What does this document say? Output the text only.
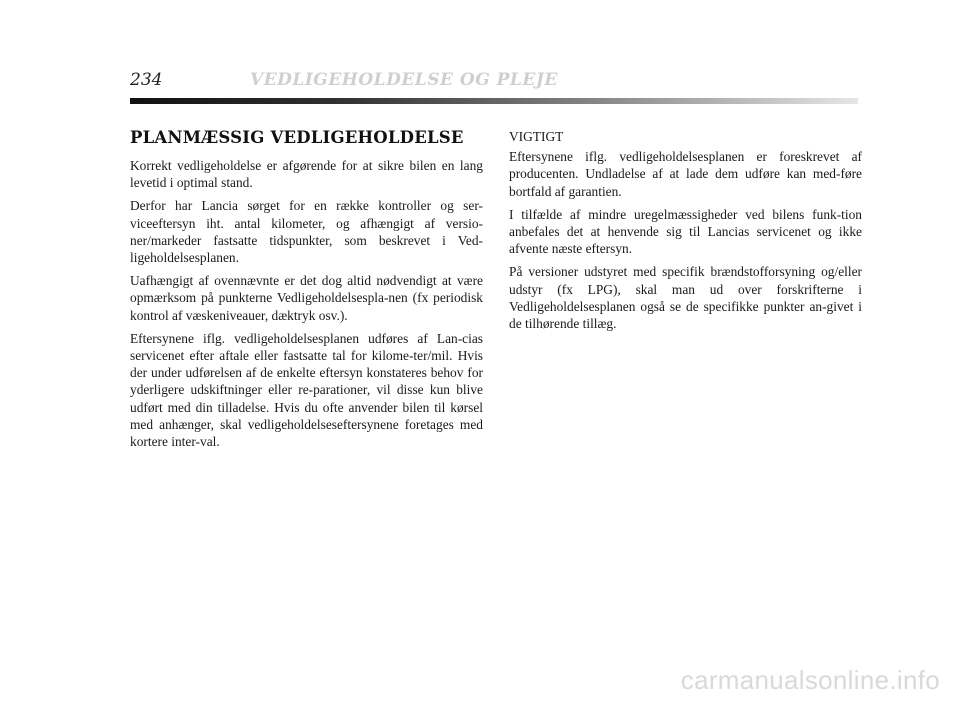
234	VEDLIGEHOLDELSE OG PLEJE
PLANMÆSSIG VEDLIGEHOLDELSE

Korrekt vedligeholdelse er afgørende for at sikre bilen en lang levetid i optimal stand.

Derfor har Lancia sørget for en række kontroller og ser-viceeftersyn iht. antal kilometer, og afhængigt af versio-ner/markeder fastsatte tidspunkter, som beskrevet i Ved-ligeholdelsesplanen.

Uafhængigt af ovennævnte er det dog altid nødvendigt at være opmærksom på punkterne Vedligeholdelsespla-nen (fx periodisk kontrol af væskeniveauer, dæktryk osv.).

Eftersynene iflg. vedligeholdelsesplanen udføres af Lan-cias servicenet efter aftale eller fastsatte tal for kilome-ter/mil. Hvis der under udførelsen af de enkelte eftersyn konstateres behov for yderligere udskiftninger eller re-parationer, vil disse kun blive udført med din tilladelse. Hvis du ofte anvender bilen til kørsel med anhænger, skal vedligeholdelseseftersynene foretages med kortere inter-val.

VIGTIGT

Eftersynene iflg. vedligeholdelsesplanen er foreskrevet af producenten. Undladelse af at lade dem udføre kan med-føre bortfald af garantien.

I tilfælde af mindre uregelmæssigheder ved bilens funk-tion anbefales det at henvende sig til Lancias servicenet og ikke afvente næste eftersyn.

På versioner udstyret med specifik brændstofforsyning og/eller udstyr (fx LPG), skal man ud over forskrifterne i Vedligeholdelsesplanen også se de specifikke punkter an-givet i de tilhørende tillæg.

carmanualsonline.info
